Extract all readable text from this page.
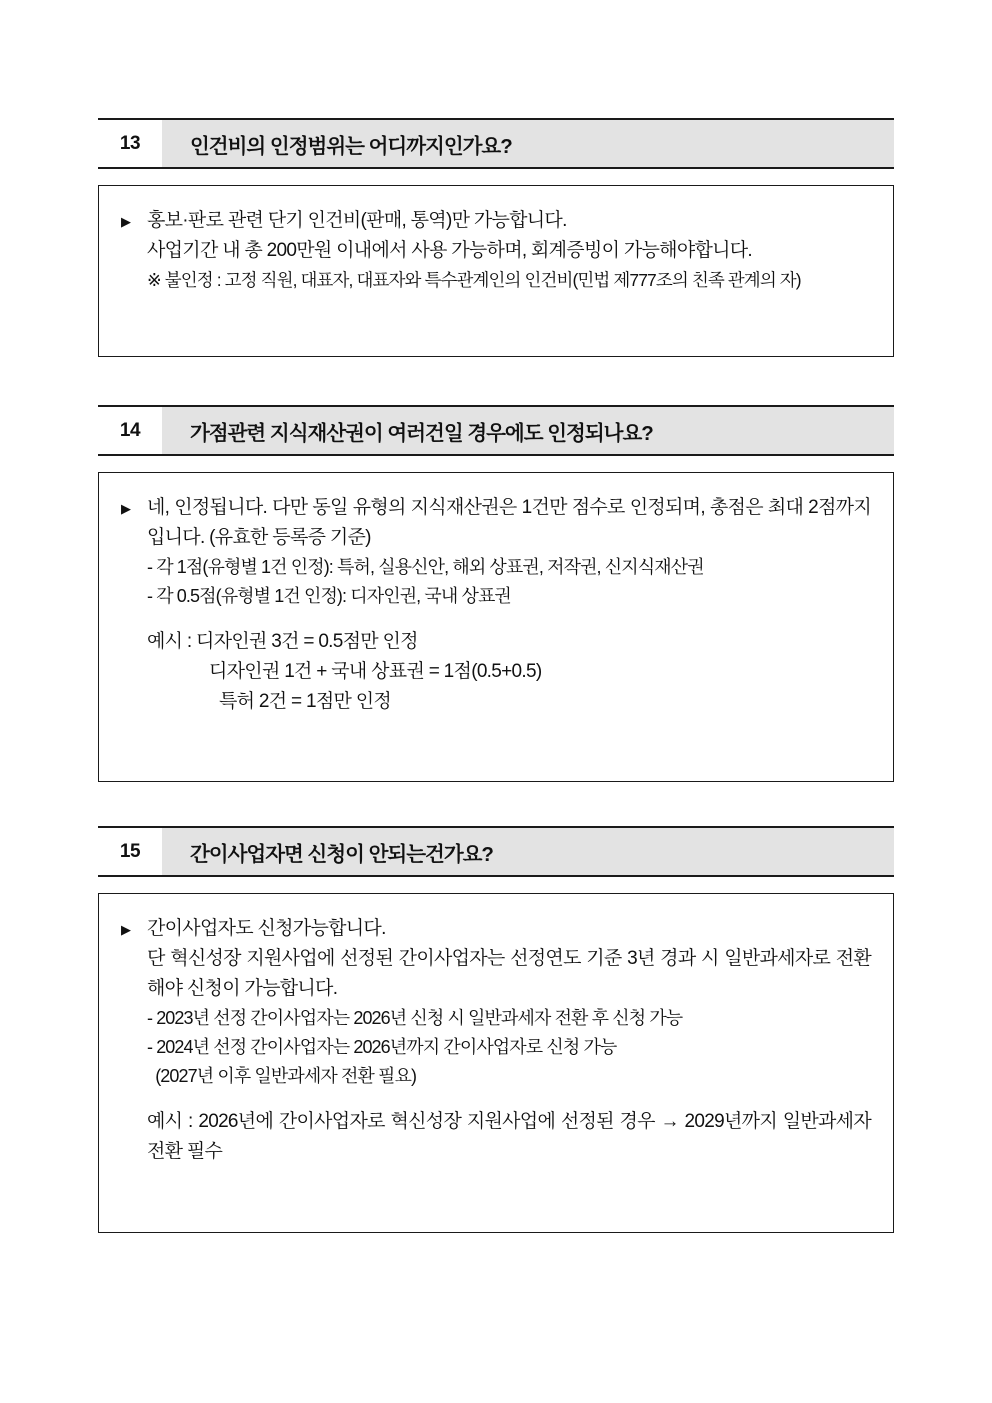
13	인건비의 인정범위는 어디까지인가요?
▶ 홍보·판로 관련 단기 인건비(판매, 통역)만 가능합니다.

사업기간 내 총 200만원 이내에서 사용 가능하며, 회계증빙이 가능해야합니다.

※ 불인정 : 고정 직원, 대표자, 대표자와 특수관계인의 인건비(민법 제777조의 친족 관계의 자)

14	가점관련 지식재산권이 여러건일 경우에도 인정되나요?
▶ 네, 인정됩니다. 다만 동일 유형의 지식재산권은 1건만 점수로 인정되며, 총점은 최대 2점까지입니다. (유효한 등록증 기준)

- 각 1점(유형별 1건 인정): 특허, 실용신안, 해외 상표권, 저작권, 신지식재산권

- 각 0.5점(유형별 1건 인정): 디자인권, 국내 상표권

예시 : 디자인권 3건 = 0.5점만 인정

디자인권 1건 + 국내 상표권 = 1점(0.5+0.5)

특허 2건 = 1점만 인정

15	간이사업자면 신청이 안되는건가요?
▶ 간이사업자도 신청가능합니다.

단 혁신성장 지원사업에 선정된 간이사업자는 선정연도 기준 3년 경과 시 일반과세자로 전환해야 신청이 가능합니다.

- 2023년 선정 간이사업자는 2026년 신청 시 일반과세자 전환 후 신청 가능

- 2024년 선정 간이사업자는 2026년까지 간이사업자로 신청 가능

(2027년 이후 일반과세자 전환 필요)

예시 : 2026년에 간이사업자로 혁신성장 지원사업에 선정된 경우 → 2029년까지 일반과세자 전환 필수
